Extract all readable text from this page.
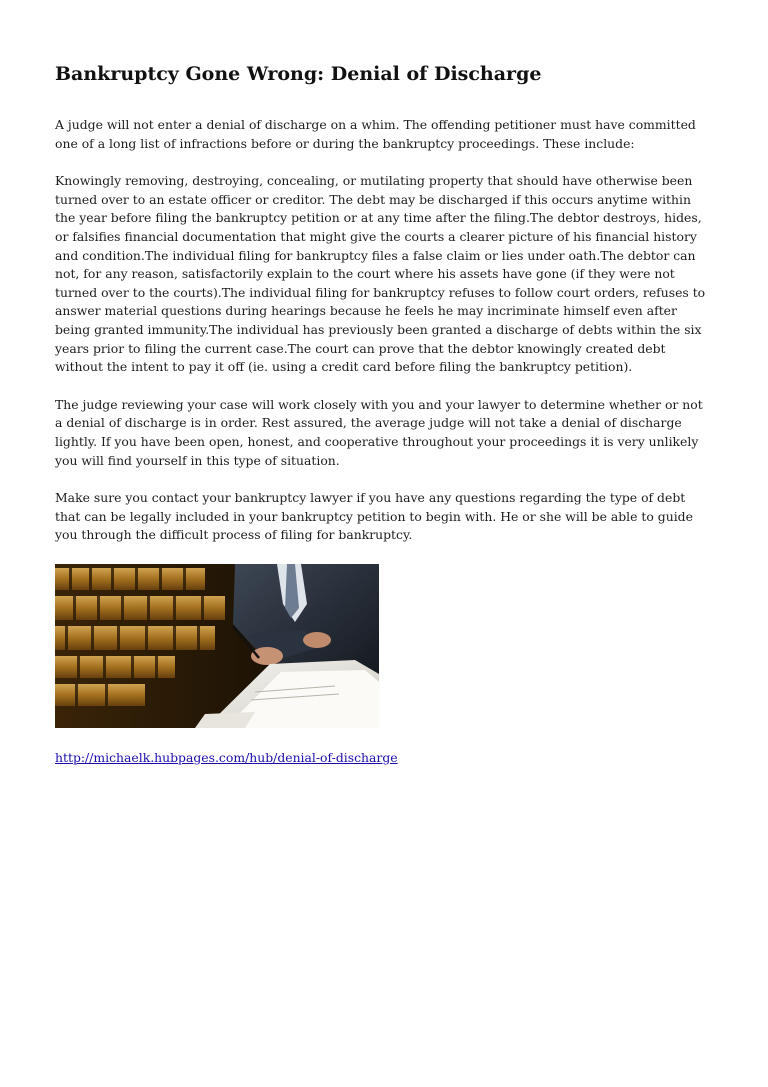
Bankruptcy Gone Wrong: Denial of Discharge

A judge will not enter a denial of discharge on a whim. The offending petitioner must have committed one of a long list of infractions before or during the bankruptcy proceedings. These include:

Knowingly removing, destroying, concealing, or mutilating property that should have otherwise been turned over to an estate officer or creditor. The debt may be discharged if this occurs anytime within the year before filing the bankruptcy petition or at any time after the filing.The debtor destroys, hides, or falsifies financial documentation that might give the courts a clearer picture of his financial history and condition.The individual filing for bankruptcy files a false claim or lies under oath.The debtor can not, for any reason, satisfactorily explain to the court where his assets have gone (if they were not turned over to the courts).The individual filing for bankruptcy refuses to follow court orders, refuses to answer material questions during hearings because he feels he may incriminate himself even after being granted immunity.The individual has previously been granted a discharge of debts within the six years prior to filing the current case.The court can prove that the debtor knowingly created debt without the intent to pay it off (ie. using a credit card before filing the bankruptcy petition).

The judge reviewing your case will work closely with you and your lawyer to determine whether or not a denial of discharge is in order. Rest assured, the average judge will not take a denial of discharge lightly. If you have been open, honest, and cooperative throughout your proceedings it is very unlikely you will find yourself in this type of situation.

Make sure you contact your bankruptcy lawyer if you have any questions regarding the type of debt that can be legally included in your bankruptcy petition to begin with. He or she will be able to guide you through the difficult process of filing for bankruptcy.

http://michaelk.hubpages.com/hub/denial-of-discharge
